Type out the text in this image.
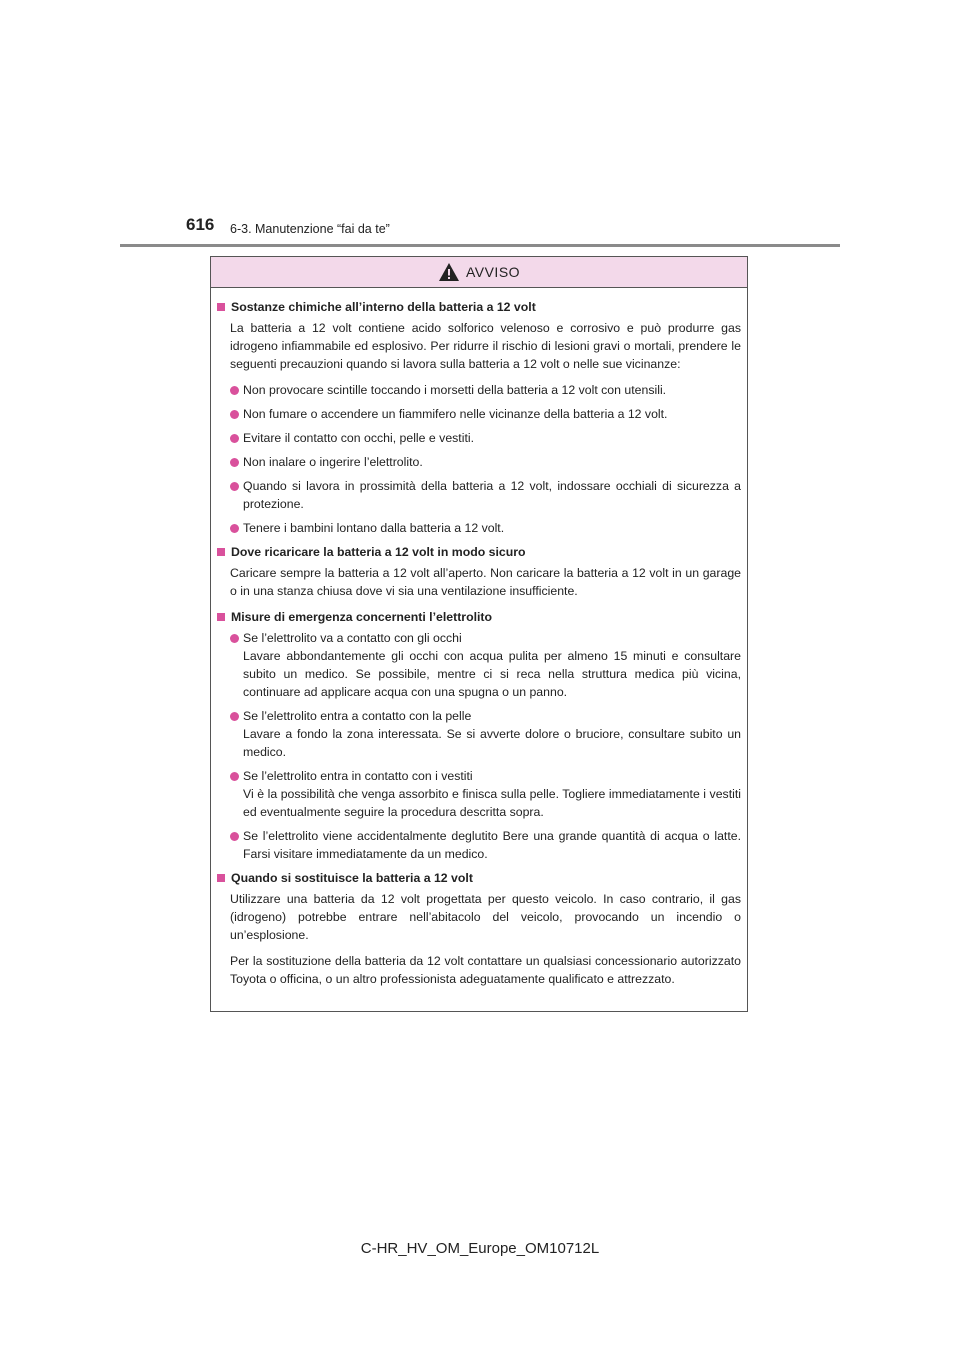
616 6-3. Manutenzione “fai da te”
AVVISO
Sostanze chimiche all’interno della batteria a 12 volt
La batteria a 12 volt contiene acido solforico velenoso e corrosivo e può produrre gas idrogeno infiammabile ed esplosivo. Per ridurre il rischio di lesioni gravi o mortali, prendere le seguenti precauzioni quando si lavora sulla batteria a 12 volt o nelle sue vicinanze:
Non provocare scintille toccando i morsetti della batteria a 12 volt con utensili.
Non fumare o accendere un fiammifero nelle vicinanze della batteria a 12 volt.
Evitare il contatto con occhi, pelle e vestiti.
Non inalare o ingerire l’elettrolito.
Quando si lavora in prossimità della batteria a 12 volt, indossare occhiali di sicurezza a protezione.
Tenere i bambini lontano dalla batteria a 12 volt.
Dove ricaricare la batteria a 12 volt in modo sicuro
Caricare sempre la batteria a 12 volt all’aperto. Non caricare la batteria a 12 volt in un garage o in una stanza chiusa dove vi sia una ventilazione insufficiente.
Misure di emergenza concernenti l’elettrolito
Se l’elettrolito va a contatto con gli occhi
Lavare abbondantemente gli occhi con acqua pulita per almeno 15 minuti e consultare subito un medico. Se possibile, mentre ci si reca nella struttura medica più vicina, continuare ad applicare acqua con una spugna o un panno.
Se l’elettrolito entra a contatto con la pelle
Lavare a fondo la zona interessata. Se si avverte dolore o bruciore, consultare subito un medico.
Se l’elettrolito entra in contatto con i vestiti
Vi è la possibilità che venga assorbito e finisca sulla pelle. Togliere immediatamente i vestiti ed eventualmente seguire la procedura descritta sopra.
Se l’elettrolito viene accidentalmente deglutito Bere una grande quantità di acqua o latte. Farsi visitare immediatamente da un medico.
Quando si sostituisce la batteria a 12 volt
Utilizzare una batteria da 12 volt progettata per questo veicolo. In caso contrario, il gas (idrogeno) potrebbe entrare nell’abitacolo del veicolo, provocando un incendio o un’esplosione.
Per la sostituzione della batteria da 12 volt contattare un qualsiasi concessionario autorizzato Toyota o officina, o un altro professionista adeguatamente qualificato e attrezzato.
C-HR_HV_OM_Europe_OM10712L
